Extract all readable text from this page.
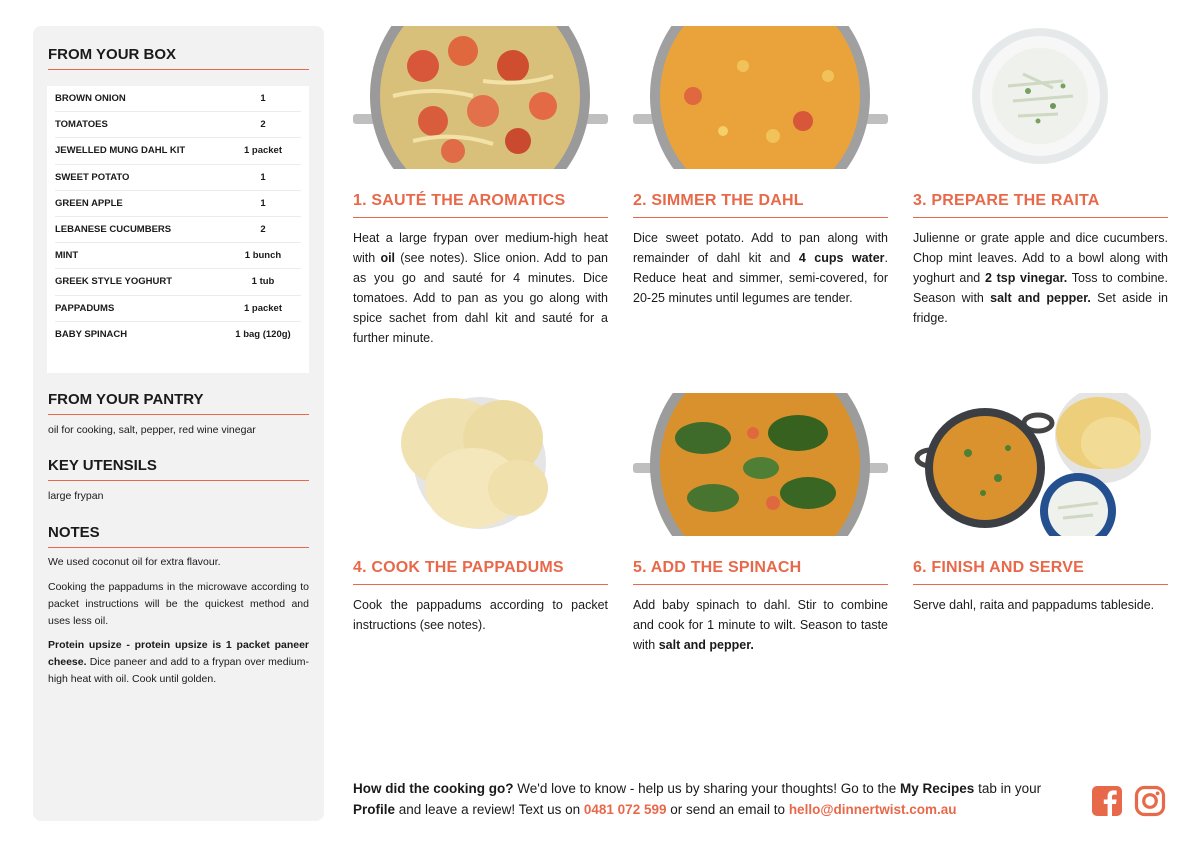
FROM YOUR BOX
BROWN ONION	1
TOMATOES	2
JEWELLED MUNG DAHL KIT	1 packet
SWEET POTATO	1
GREEN APPLE	1
LEBANESE CUCUMBERS	2
MINT	1 bunch
GREEK STYLE YOGHURT	1 tub
PAPPADUMS	1 packet
BABY SPINACH	1 bag (120g)
FROM YOUR PANTRY
oil for cooking, salt, pepper, red wine vinegar
KEY UTENSILS
large frypan
NOTES
We used coconut oil for extra flavour.
Cooking the pappadums in the microwave according to packet instructions will be the quickest method and uses less oil.
Protein upsize - protein upsize is 1 packet paneer cheese. Dice paneer and add to a frypan over medium-high heat with oil. Cook until golden.
1. SAUTÉ THE AROMATICS
Heat a large frypan over medium-high heat with oil (see notes). Slice onion. Add to pan as you go and sauté for 4 minutes. Dice tomatoes. Add to pan as you go along with spice sachet from dahl kit and sauté for a further minute.
2. SIMMER THE DAHL
Dice sweet potato. Add to pan along with remainder of dahl kit and 4 cups water. Reduce heat and simmer, semi-covered, for 20-25 minutes until legumes are tender.
3. PREPARE THE RAITA
Julienne or grate apple and dice cucumbers. Chop mint leaves. Add to a bowl along with yoghurt and 2 tsp vinegar. Toss to combine. Season with salt and pepper. Set aside in fridge.
4. COOK THE PAPPADUMS
Cook the pappadums according to packet instructions (see notes).
5. ADD THE SPINACH
Add baby spinach to dahl. Stir to combine and cook for 1 minute to wilt. Season to taste with salt and pepper.
6. FINISH AND SERVE
Serve dahl, raita and pappadums tableside.
How did the cooking go? We'd love to know - help us by sharing your thoughts! Go to the My Recipes tab in your Profile and leave a review! Text us on 0481 072 599 or send an email to hello@dinnertwist.com.au
